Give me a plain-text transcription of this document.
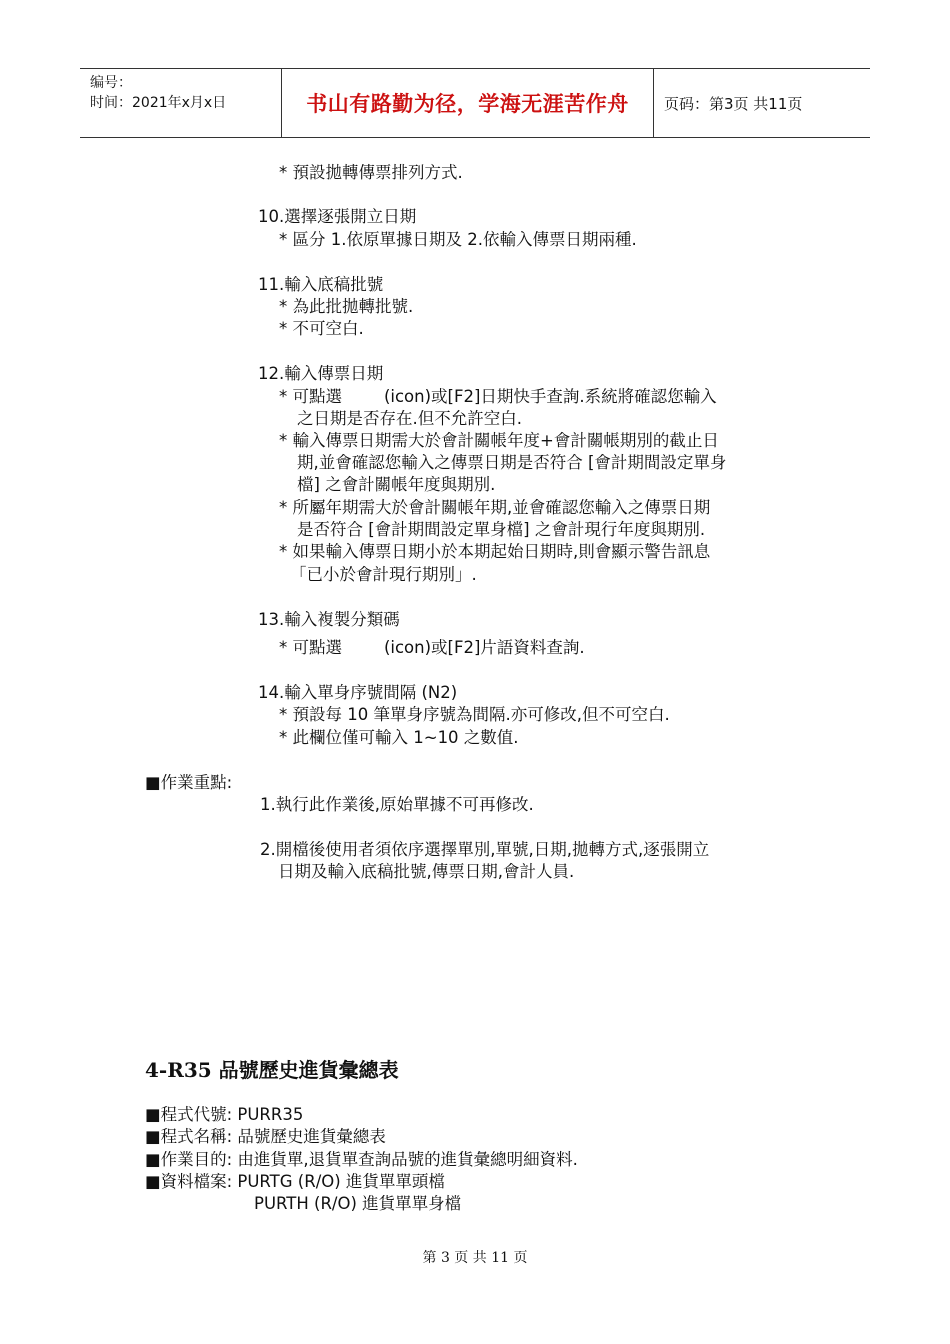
编号：
时间：2021年x月x日	书山有路勤为径，学海无涯苦作舟 页码：第3页 共11页
* 預設拋轉傳票排列方式.
10.選擇逐張開立日期
* 區分 1.依原單據日期及 2.依輸入傳票日期兩種.
11.輸入底稿批號
* 為此批拋轉批號.
* 不可空白.
12.輸入傳票日期
* 可點選        (icon)或[F2]日期快手查詢.系統將確認您輸入
之日期是否存在.但不允許空白.
* 輸入傳票日期需大於會計關帳年度+會計關帳期別的截止日
期,並會確認您輸入之傳票日期是否符合 [會計期間設定單身
檔] 之會計關帳年度與期別.
* 所屬年期需大於會計關帳年期,並會確認您輸入之傳票日期
是否符合 [會計期間設定單身檔] 之會計現行年度與期別.
* 如果輸入傳票日期小於本期起始日期時,則會顯示警告訊息
「已小於會計現行期別」.
13.輸入複製分類碼
* 可點選        (icon)或[F2]片語資料查詢.
14.輸入單身序號間隔 (N2)
* 預設每 10 筆單身序號為間隔.亦可修改,但不可空白.
* 此欄位僅可輸入 1~10 之數值.
■作業重點:
1.執行此作業後,原始單據不可再修改.
2.開檔後使用者須依序選擇單別,單號,日期,拋轉方式,逐張開立
日期及輸入底稿批號,傳票日期,會計人員.
4-R35 品號歷史進貨彙總表
■程式代號: PURR35
■程式名稱: 品號歷史進貨彙總表
■作業目的: 由進貨單,退貨單查詢品號的進貨彙總明細資料.
■資料檔案: PURTG (R/O) 進貨單單頭檔
PURTH (R/O) 進貨單單身檔
第 3 页 共 11 页
